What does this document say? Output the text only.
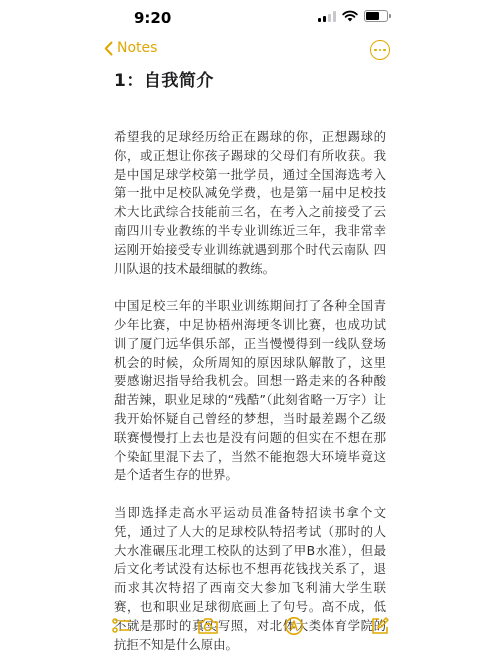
9:20
Notes
1：自我简介

希望我的足球经历给正在踢球的你，正想踢球的你，或正想让你孩子踢球的父母们有所收获。我是中国足球学校第一批学员，通过全国海选考入第一批中足校队减免学费，也是第一届中足校技术大比武综合技能前三名，在考入之前接受了云南四川专业教练的半专业训练近三年，我非常幸运刚开始接受专业训练就遇到那个时代云南队 四川队退的技术最细腻的教练。

中国足校三年的半职业训练期间打了各种全国青少年比赛，中足协梧州海埂冬训比赛，也成功试训了厦门远华俱乐部，正当慢慢得到一线队登场机会的时候，众所周知的原因球队解散了，这里要感谢迟指导给我机会。回想一路走来的各种酸甜苦辣，职业足球的“残酷”（此刻省略一万字）让我开始怀疑自己曾经的梦想，当时最差踢个乙级联赛慢慢打上去也是没有问题的但实在不想在那个染缸里混下去了，当然不能抱怨大环境毕竟这是个适者生存的世界。

当即选择走高水平运动员准备特招读书拿个文凭，通过了人大的足球校队特招考试（那时的人大水准碾压北理工校队的达到了甲B水准），但最后文化考试没有达标也不想再花钱找关系了，退而求其次特招了西南交大参加飞利浦大学生联赛，也和职业足球彻底画上了句号。高不成，低不就是那时的真实写照，对北体大类体育学院的抗拒不知是什么原由。
